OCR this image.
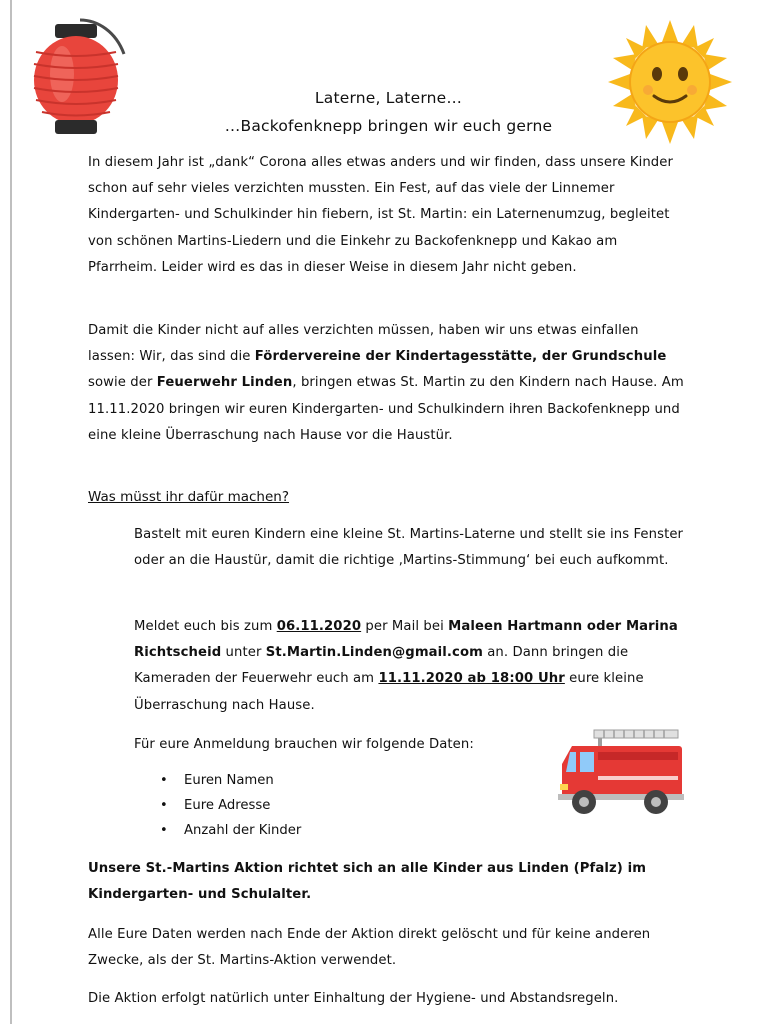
Laterne, Laterne…
…Backofenknepp bringen wir euch gerne
In diesem Jahr ist „dank“ Corona alles etwas anders und wir finden, dass unsere Kinder schon auf sehr vieles verzichten mussten. Ein Fest, auf das viele der Linnemer Kindergarten- und Schulkinder hin fiebern, ist St. Martin: ein Laternenumzug, begleitet von schönen Martins-Liedern und die Einkehr zu Backofenknepp und Kakao am Pfarrheim. Leider wird es das in dieser Weise in diesem Jahr nicht geben.
Damit die Kinder nicht auf alles verzichten müssen, haben wir uns etwas einfallen lassen: Wir, das sind die Fördervereine der Kindertagesstätte, der Grundschule sowie der Feuerwehr Linden, bringen etwas St. Martin zu den Kindern nach Hause. Am 11.11.2020 bringen wir euren Kindergarten- und Schulkindern ihren Backofenknepp und eine kleine Überraschung nach Hause vor die Haustür.
Was müsst ihr dafür machen?
Bastelt mit euren Kindern eine kleine St. Martins-Laterne und stellt sie ins Fenster oder an die Haustür, damit die richtige ‚Martins-Stimmung‘ bei euch aufkommt.
Meldet euch bis zum 06.11.2020 per Mail bei Maleen Hartmann oder Marina Richtscheid unter St.Martin.Linden@gmail.com an. Dann bringen die Kameraden der Feuerwehr euch am 11.11.2020 ab 18:00 Uhr eure kleine Überraschung nach Hause.
Für eure Anmeldung brauchen wir folgende Daten:
• Euren Namen
• Eure Adresse
• Anzahl der Kinder
Unsere St.-Martins Aktion richtet sich an alle Kinder aus Linden (Pfalz) im Kindergarten- und Schulalter.
Alle Eure Daten werden nach Ende der Aktion direkt gelöscht und für keine anderen Zwecke, als der St. Martins-Aktion verwendet.
Die Aktion erfolgt natürlich unter Einhaltung der Hygiene- und Abstandsregeln.
